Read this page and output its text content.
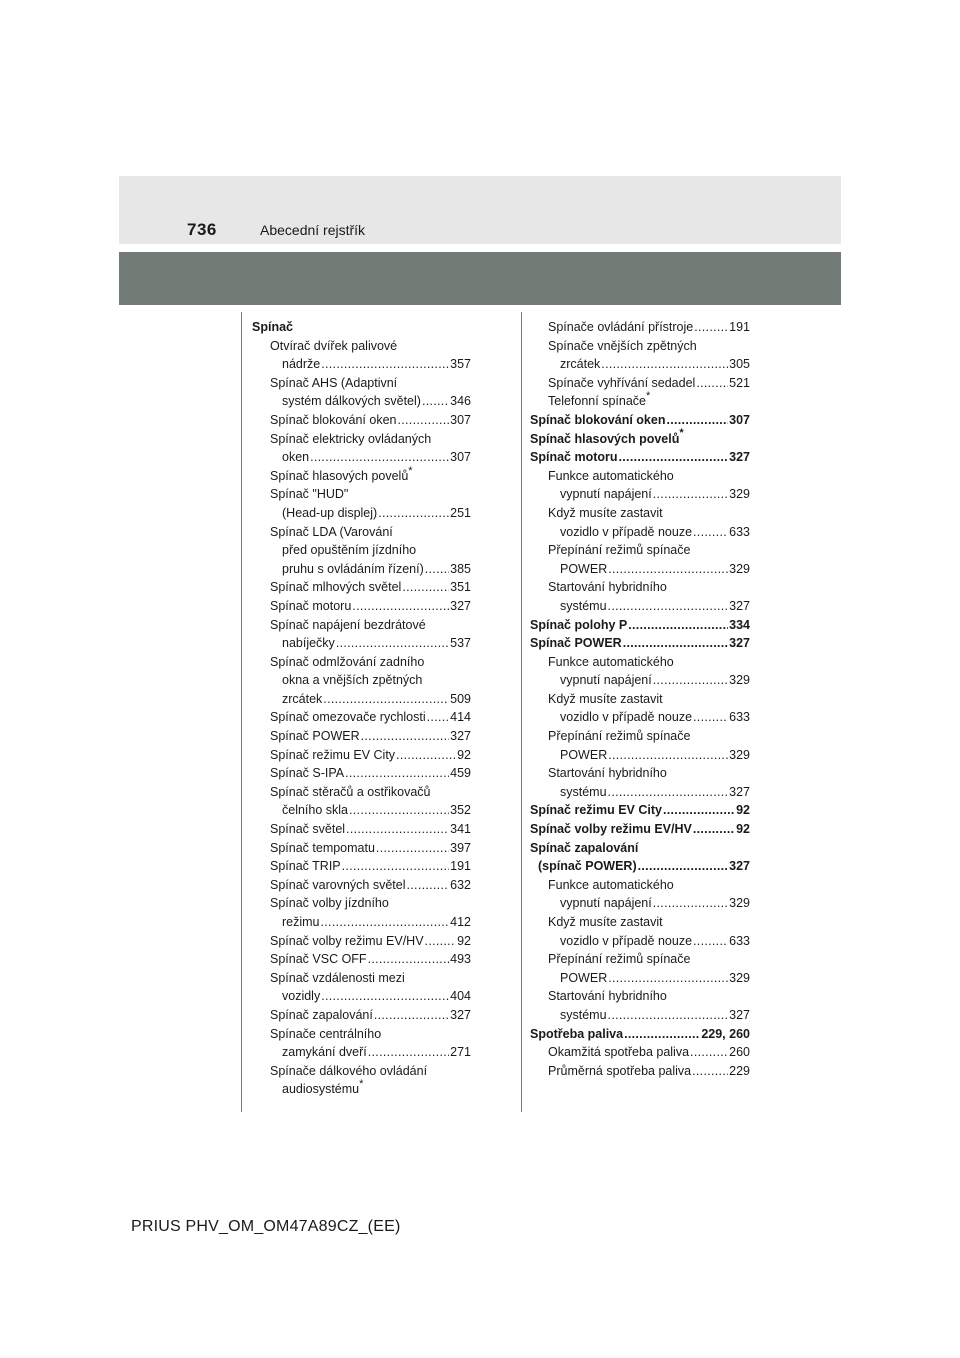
736	Abecední rejstřík
Spínač
Otvírač dvířek palivové
nádrže .....	357
Spínač AHS (Adaptivní
systém dálkových světel) ..... 346
Spínač blokování oken .....	307
Spínač elektricky ovládaných
oken .....	307
Spínač hlasových povelů*
Spínač "HUD"
(Head-up displej) .....	251
Spínač LDA (Varování
před opuštěním jízdního
pruhu s ovládáním řízení) ..... 385
Spínač mlhových světel .....	351
Spínač motoru .....	327
Spínač napájení bezdrátové
nabíječky .....	537
Spínač odmlžování zadního
okna a vnějších zpětných
zrcátek .....	509
Spínač omezovače rychlosti ..... 414
Spínač POWER .....	327
Spínač režimu EV City .....	92
Spínač S-IPA .....	459
Spínač stěračů a ostřikovačů
čelního skla .....	352
Spínač světel .....	341
Spínač tempomatu .....	397
Spínač TRIP .....	191
Spínač varovných světel .....	632
Spínač volby jízdního
režimu .....	412
Spínač volby režimu EV/HV .....	92
Spínač VSC OFF .....	493
Spínač vzdálenosti mezi
vozidly .....	404
Spínač zapalování .....	327
Spínače centrálního
zamykání dveří .....	271
Spínače dálkového ovládání
audiosystému*
Spínače ovládání přístroje .....	191
Spínače vnějších zpětných
zrcátek .....	305
Spínače vyhřívání sedadel .....	521
Telefonní spínače*
Spínač blokování oken .....	307
Spínač hlasových povelů*
Spínač motoru .....	327
Funkce automatického
vypnutí napájení .....	329
Když musíte zastavit
vozidlo v případě nouze .....	633
Přepínání režimů spínače
POWER .....	329
Startování hybridního
systému .....	327
Spínač polohy P .....	334
Spínač POWER .....	327
Funkce automatického
vypnutí napájení .....	329
Když musíte zastavit
vozidlo v případě nouze .....	633
Přepínání režimů spínače
POWER .....	329
Startování hybridního
systému .....	327
Spínač režimu EV City .....	92
Spínač volby režimu EV/HV .....	92
Spínač zapalování
(spínač POWER) .....	327
Funkce automatického
vypnutí napájení .....	329
Když musíte zastavit
vozidlo v případě nouze .....	633
Přepínání režimů spínače
POWER .....	329
Startování hybridního
systému .....	327
Spotřeba paliva .....	229, 260
Okamžitá spotřeba paliva .....	260
Průměrná spotřeba paliva .....	229
PRIUS PHV_OM_OM47A89CZ_(EE)
